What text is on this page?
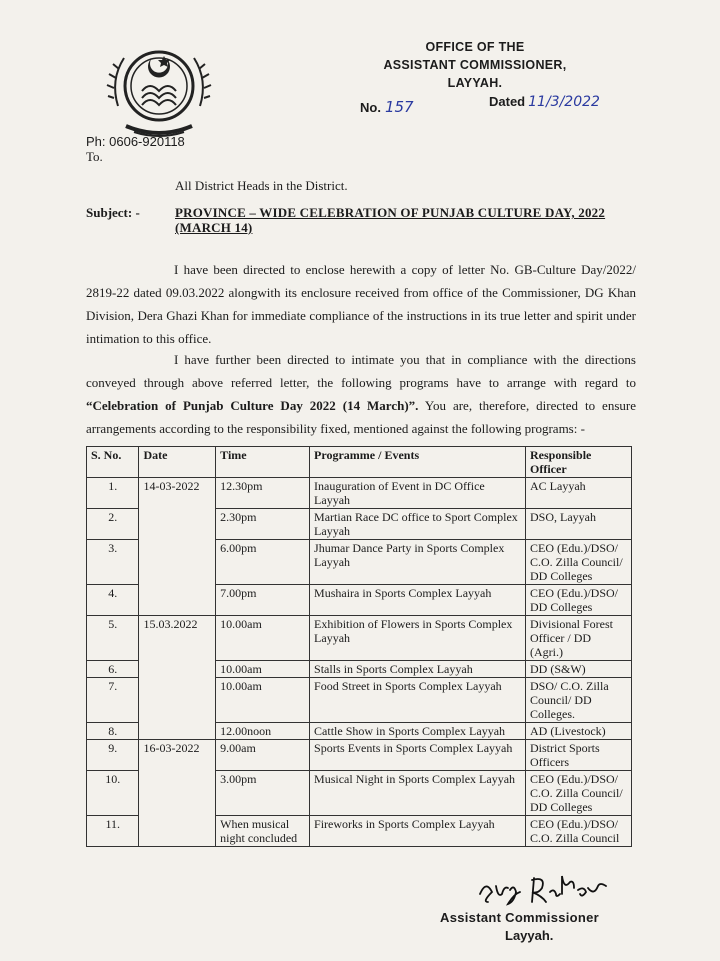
OFFICE OF THE
ASSISTANT COMMISSIONER,
LAYYAH.
No. 157	Dated 11/3/2022
Ph: 0606-920118
To.
All District Heads in the District.
Subject: -	PROVINCE – WIDE CELEBRATION OF PUNJAB CULTURE DAY, 2022 (MARCH 14)
I have been directed to enclose herewith a copy of letter No. GB-Culture Day/2022/ 2819-22 dated 09.03.2022 alongwith its enclosure received from office of the Commissioner, DG Khan Division, Dera Ghazi Khan for immediate compliance of the instructions in its true letter and spirit under intimation to this office.
I have further been directed to intimate you that in compliance with the directions conveyed through above referred letter, the following programs have to arrange with regard to “Celebration of Punjab Culture Day 2022 (14 March)”. You are, therefore, directed to ensure arrangements according to the responsibility fixed, mentioned against the following programs: -
S. No.	Date	Time	Programme / Events	Responsible Officer
1.	14-03-2022	12.30pm	Inauguration of Event in DC Office Layyah	AC Layyah
2.		2.30pm	Martian Race DC office to Sport Complex Layyah	DSO, Layyah
3.		6.00pm	Jhumar Dance Party in Sports Complex Layyah	CEO (Edu.)/DSO/ C.O. Zilla Council/ DD Colleges
4.		7.00pm	Mushaira in Sports Complex Layyah	CEO (Edu.)/DSO/ DD Colleges
5.	15.03.2022	10.00am	Exhibition of Flowers in Sports Complex Layyah	Divisional Forest Officer / DD (Agri.)
6.		10.00am	Stalls in Sports Complex Layyah	DD (S&W)
7.		10.00am	Food Street in Sports Complex Layyah	DSO/ C.O. Zilla Council/ DD Colleges.
8.		12.00noon	Cattle Show in Sports Complex Layyah	AD (Livestock)
9.	16-03-2022	9.00am	Sports Events in Sports Complex Layyah	District Sports Officers
10.		3.00pm	Musical Night in Sports Complex Layyah	CEO (Edu.)/DSO/ C.O. Zilla Council/ DD Colleges
11.		When musical night concluded	Fireworks in Sports Complex Layyah	CEO (Edu.)/DSO/ C.O. Zilla Council
Assistant Commissioner
Layyah.
